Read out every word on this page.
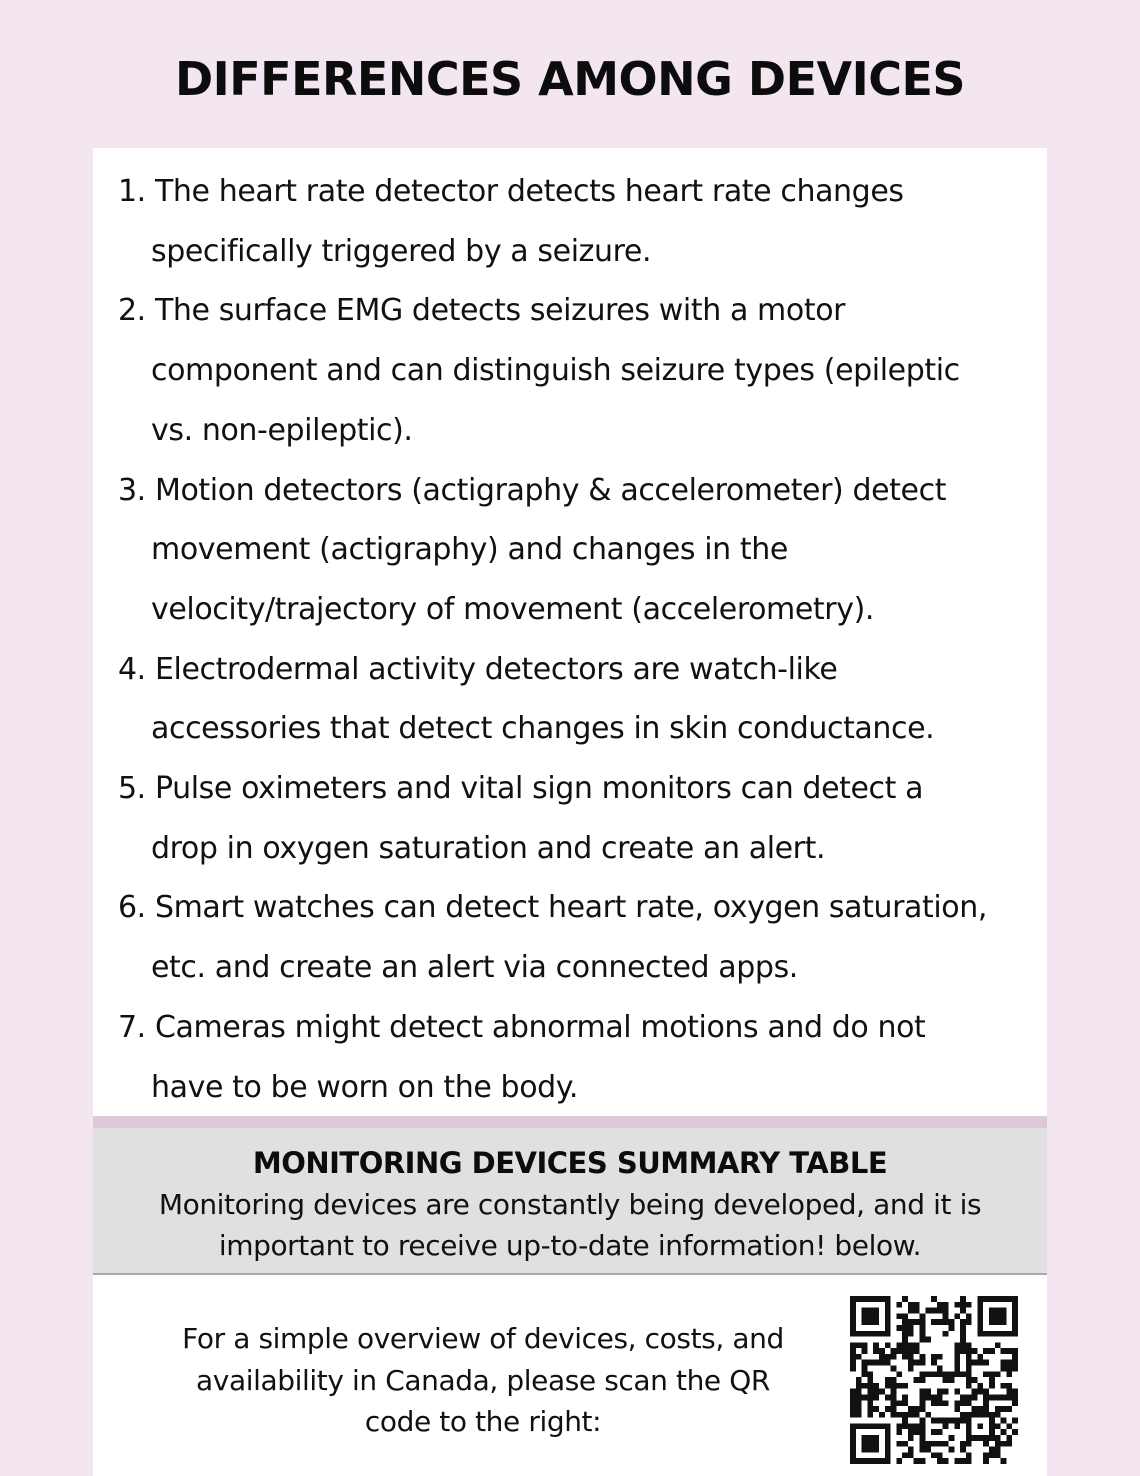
DIFFERENCES AMONG DEVICES
1. The heart rate detector detects heart rate changes
specifically triggered by a seizure.
2. The surface EMG detects seizures with a motor
component and can distinguish seizure types (epileptic
vs. non-epileptic).
3. Motion detectors (actigraphy & accelerometer) detect
movement (actigraphy) and changes in the
velocity/trajectory of movement (accelerometry).
4. Electrodermal activity detectors are watch-like
accessories that detect changes in skin conductance.
5. Pulse oximeters and vital sign monitors can detect a
drop in oxygen saturation and create an alert.
6. Smart watches can detect heart rate, oxygen saturation,
etc. and create an alert via connected apps.
7. Cameras might detect abnormal motions and do not
have to be worn on the body.
MONITORING DEVICES SUMMARY TABLE

Monitoring devices are constantly being developed, and it is
important to receive up-to-date information! below.

For a simple overview of devices, costs, and
availability in Canada, please scan the QR
code to the right:
